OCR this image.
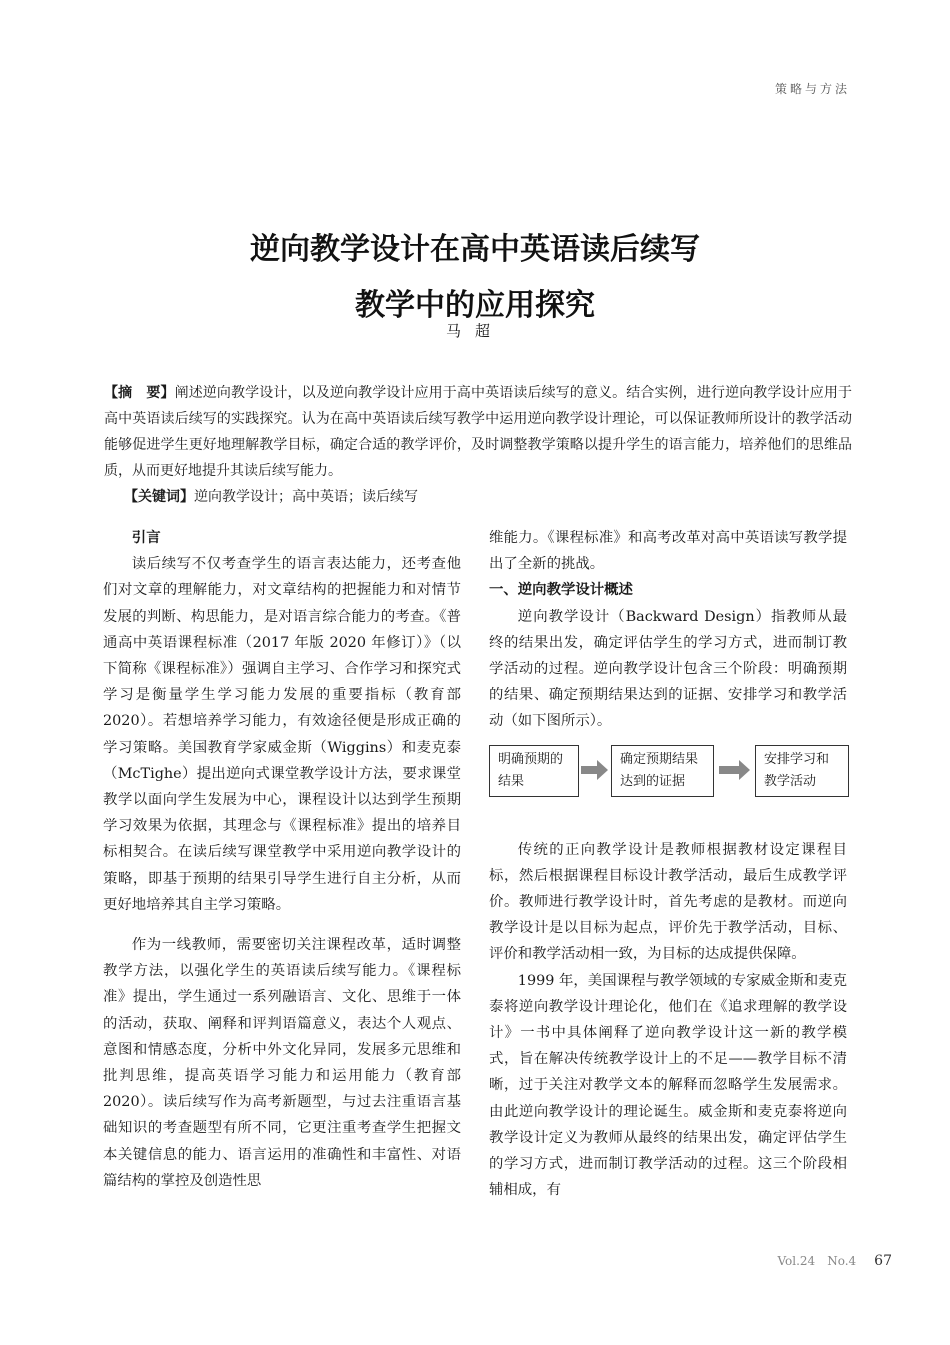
策略与方法
逆向教学设计在高中英语读后续写
教学中的应用探究
马超
【摘　要】阐述逆向教学设计，以及逆向教学设计应用于高中英语读后续写的意义。结合实例，进行逆向教学设计应用于高中英语读后续写的实践探究。认为在高中英语读后续写教学中运用逆向教学设计理论，可以保证教师所设计的教学活动能够促进学生更好地理解教学目标，确定合适的教学评价，及时调整教学策略以提升学生的语言能力，培养他们的思维品质，从而更好地提升其读后续写能力。
【关键词】逆向教学设计；高中英语；读后续写
引言

读后续写不仅考查学生的语言表达能力，还考查他们对文章的理解能力，对文章结构的把握能力和对情节发展的判断、构思能力，是对语言综合能力的考查。《普通高中英语课程标准（2017 年版 2020 年修订）》（以下简称《课程标准》）强调自主学习、合作学习和探究式学习是衡量学生学习能力发展的重要指标（教育部 2020）。若想培养学习能力，有效途径便是形成正确的学习策略。美国教育学家威金斯（Wiggins）和麦克泰（McTighe）提出逆向式课堂教学设计方法，要求课堂教学以面向学生发展为中心，课程设计以达到学生预期学习效果为依据，其理念与《课程标准》提出的培养目标相契合。在读后续写课堂教学中采用逆向教学设计的策略，即基于预期的结果引导学生进行自主分析，从而更好地培养其自主学习策略。

作为一线教师，需要密切关注课程改革，适时调整教学方法，以强化学生的英语读后续写能力。《课程标准》提出，学生通过一系列融语言、文化、思维于一体的活动，获取、阐释和评判语篇意义，表达个人观点、意图和情感态度，分析中外文化异同，发展多元思维和批判思维，提高英语学习能力和运用能力（教育部 2020）。读后续写作为高考新题型，与过去注重语言基础知识的考查题型有所不同，它更注重考查学生把握文本关键信息的能力、语言运用的准确性和丰富性、对语篇结构的掌控及创造性思

维能力。《课程标准》和高考改革对高中英语读写教学提出了全新的挑战。

一、逆向教学设计概述

逆向教学设计（Backward Design）指教师从最终的结果出发，确定评估学生的学习方式，进而制订教学活动的过程。逆向教学设计包含三个阶段：明确预期的结果、确定预期结果达到的证据、安排学习和教学活动（如下图所示）。

明确预期的结果
确定预期结果达到的证据
安排学习和教学活动

传统的正向教学设计是教师根据教材设定课程目标，然后根据课程目标设计教学活动，最后生成教学评价。教师进行教学设计时，首先考虑的是教材。而逆向教学设计是以目标为起点，评价先于教学活动，目标、评价和教学活动相一致，为目标的达成提供保障。

1999 年，美国课程与教学领域的专家威金斯和麦克泰将逆向教学设计理论化，他们在《追求理解的教学设计》一书中具体阐释了逆向教学设计这一新的教学模式，旨在解决传统教学设计上的不足——教学目标不清晰，过于关注对教学文本的解释而忽略学生发展需求。由此逆向教学设计的理论诞生。威金斯和麦克泰将逆向教学设计定义为教师从最终的结果出发，确定评估学生的学习方式，进而制订教学活动的过程。这三个阶段相辅相成，有

Vol.24　No.4 67
